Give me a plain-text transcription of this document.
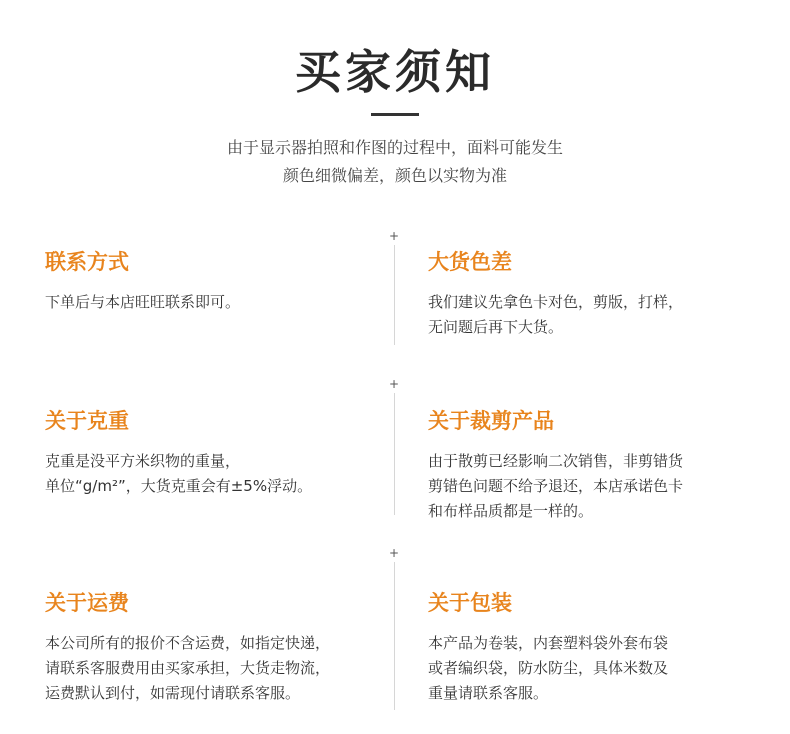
买家须知
由于显示器拍照和作图的过程中，面料可能发生
颜色细微偏差，颜色以实物为准
+
+
+
联系方式
下单后与本店旺旺联系即可。
大货色差
我们建议先拿色卡对色，剪版，打样，
无问题后再下大货。
关于克重
克重是没平方米织物的重量，
单位“g/m²”，大货克重会有±5%浮动。
关于裁剪产品
由于散剪已经影响二次销售，非剪错货
剪错色问题不给予退还，本店承诺色卡
和布样品质都是一样的。
关于运费
本公司所有的报价不含运费，如指定快递，
请联系客服费用由买家承担，大货走物流，
运费默认到付，如需现付请联系客服。
关于包装
本产品为卷装，内套塑料袋外套布袋
或者编织袋，防水防尘，具体米数及
重量请联系客服。
